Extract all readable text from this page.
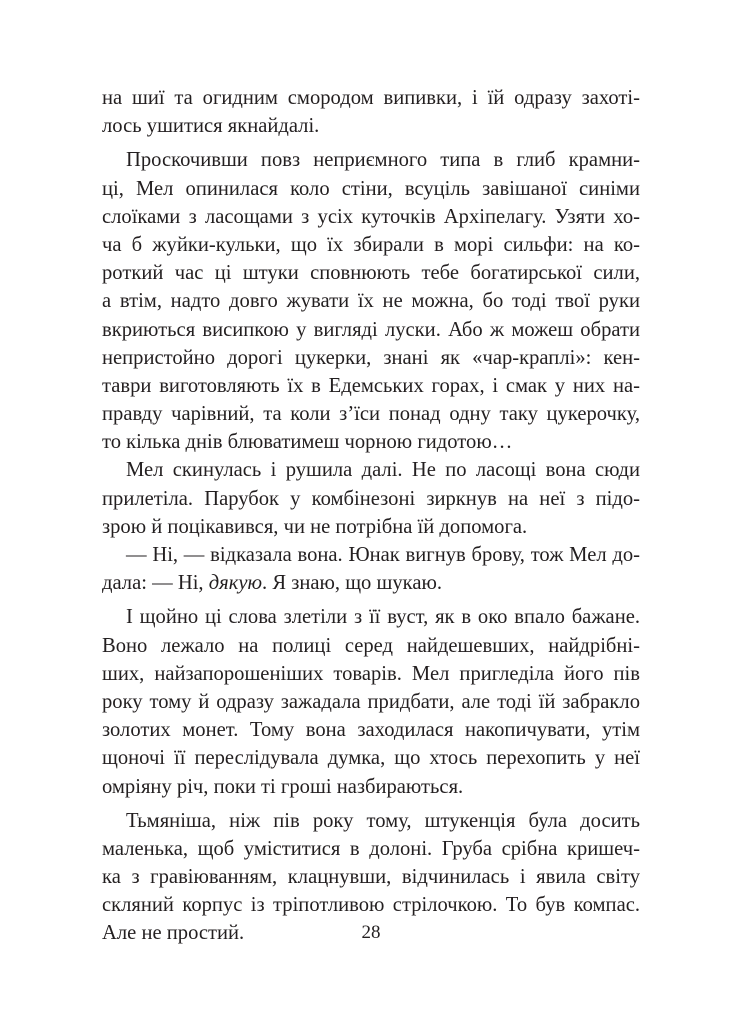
на шиї та огидним смородом випивки, і їй одразу захоті-
лось ушитися якнайдалі.
Проскочивши повз неприємного типа в глиб крамни-
ці, Мел опинилася коло стіни, всуціль завішаної синіми
слоїками з ласощами з усіх куточків Архіпелагу. Узяти хо-
ча б жуйки-кульки, що їх збирали в морі сильфи: на ко-
роткий час ці штуки сповнюють тебе богатирської сили,
а втім, надто довго жувати їх не можна, бо тоді твої руки
вкриються висипкою у вигляді луски. Або ж можеш обрати
непристойно дорогі цукерки, знані як «чар-краплі»: кен-
таври виготовляють їх в Едемських горах, і смак у них на-
правду чарівний, та коли з’їси понад одну таку цукерочку,
то кілька днів блюватимеш чорною гидотою…
Мел скинулась і рушила далі. Не по ласощі вона сюди
прилетіла. Парубок у комбінезоні зиркнув на неї з підо-
зрою й поцікавився, чи не потрібна їй допомога.
— Ні, — відказала вона. Юнак вигнув брову, тож Мел до-
дала: — Ні, дякую. Я знаю, що шукаю.
І щойно ці слова злетіли з її вуст, як в око впало бажане.
Воно лежало на полиці серед найдешевших, найдрібні-
ших, найзапорошеніших товарів. Мел пригледіла його пів
року тому й одразу зажадала придбати, але тоді їй забракло
золотих монет. Тому вона заходилася накопичувати, утім
щоночі її переслідувала думка, що хтось перехопить у неї
омріяну річ, поки ті гроші назбираються.
Тьмяніша, ніж пів року тому, штукенція була досить
маленька, щоб уміститися в долоні. Груба срібна кришеч-
ка з гравіюванням, клацнувши, відчинилась і явила світу
скляний корпус із тріпотливою стрілочкою. То був компас.
Але не простий.	28
